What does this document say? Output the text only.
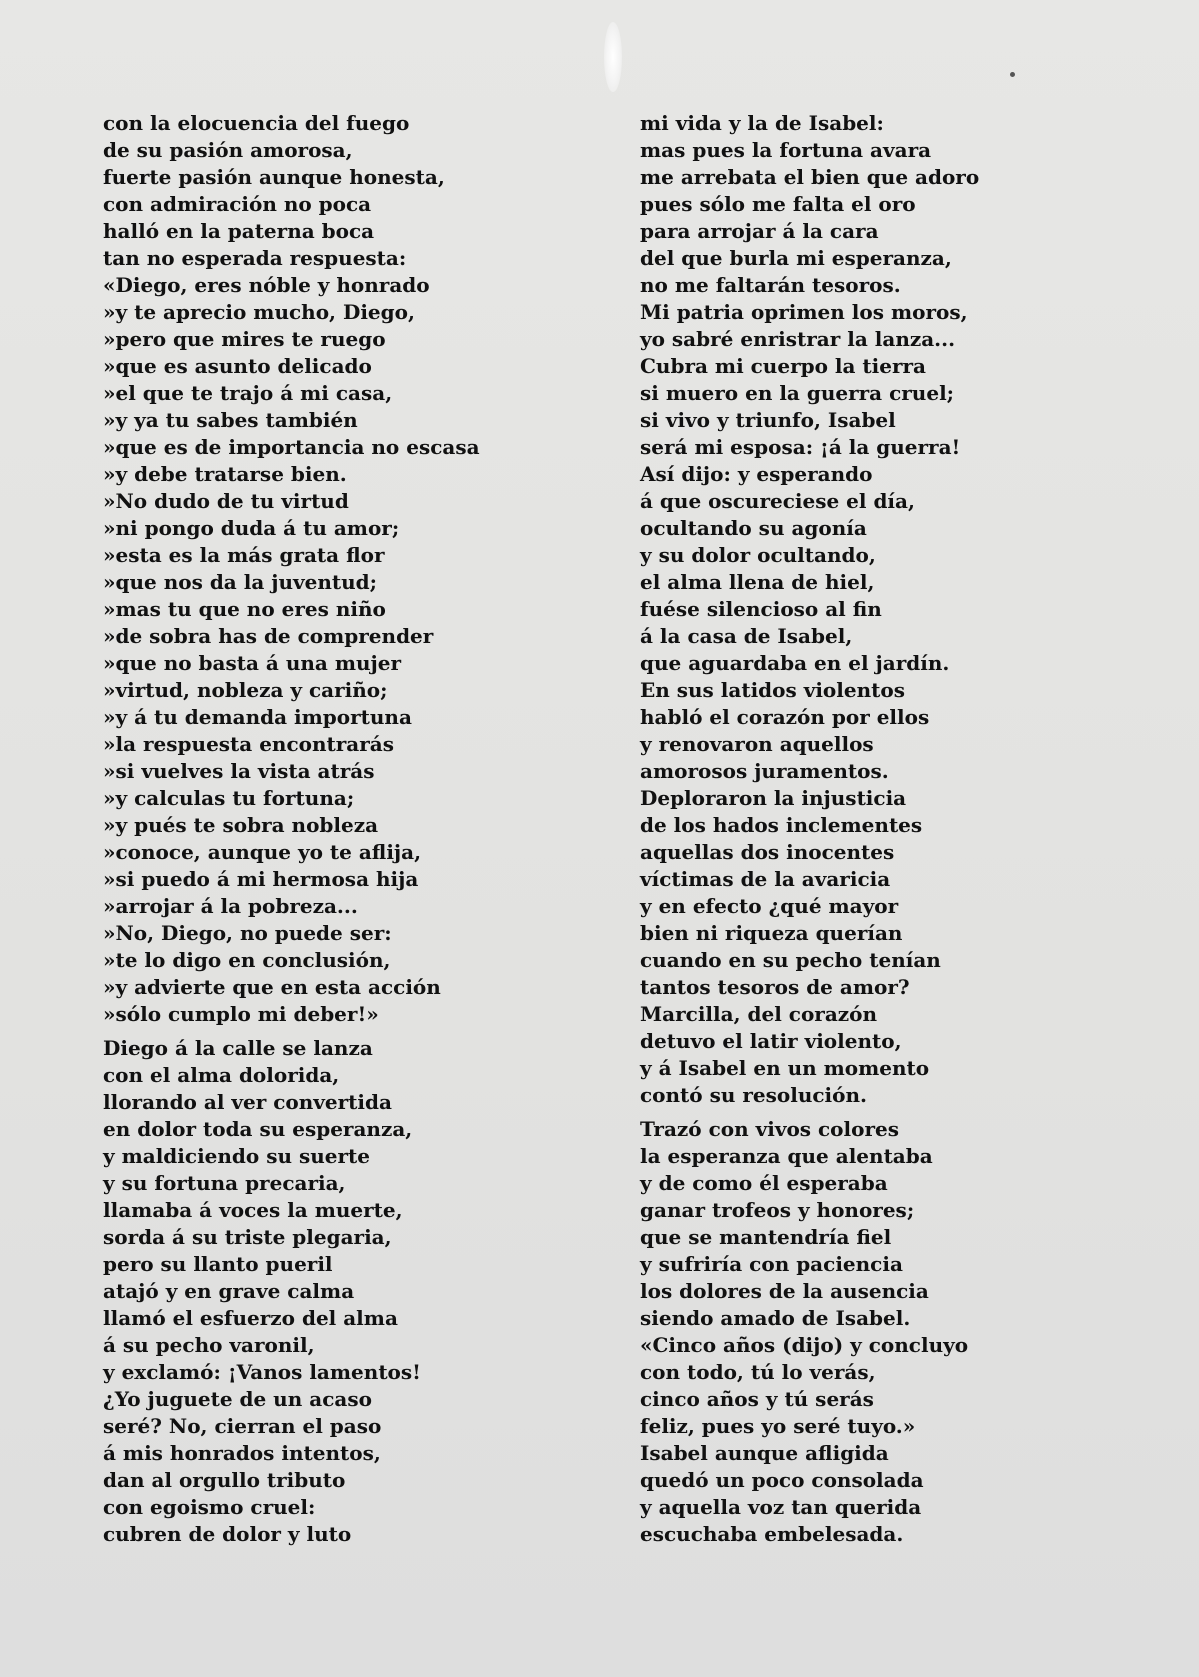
con la elocuencia del fuego
de su pasión amorosa,
fuerte pasión aunque honesta,
con admiración no poca
halló en la paterna boca
tan no esperada respuesta:
«Diego, eres nóble y honrado
»y te aprecio mucho, Diego,
»pero que mires te ruego
»que es asunto delicado
»el que te trajo á mi casa,
»y ya tu sabes también
»que es de importancia no escasa
»y debe tratarse bien.
»No dudo de tu virtud
»ni pongo duda á tu amor;
»esta es la más grata flor
»que nos da la juventud;
»mas tu que no eres niño
»de sobra has de comprender
»que no basta á una mujer
»virtud, nobleza y cariño;
»y á tu demanda importuna
»la respuesta encontrarás
»si vuelves la vista atrás
»y calculas tu fortuna;
»y pués te sobra nobleza
»conoce, aunque yo te aflija,
»si puedo á mi hermosa hija
»arrojar á la pobreza...
»No, Diego, no puede ser:
»te lo digo en conclusión,
»y advierte que en esta acción
»sólo cumplo mi deber!»
Diego á la calle se lanza
con el alma dolorida,
llorando al ver convertida
en dolor toda su esperanza,
y maldiciendo su suerte
y su fortuna precaria,
llamaba á voces la muerte,
sorda á su triste plegaria,
pero su llanto pueril
atajó y en grave calma
llamó el esfuerzo del alma
á su pecho varonil,
y exclamó: ¡Vanos lamentos!
¿Yo juguete de un acaso
seré? No, cierran el paso
á mis honrados intentos,
dan al orgullo tributo
con egoismo cruel:
cubren de dolor y luto
mi vida y la de Isabel:
mas pues la fortuna avara
me arrebata el bien que adoro
pues sólo me falta el oro
para arrojar á la cara
del que burla mi esperanza,
no me faltarán tesoros.
Mi patria oprimen los moros,
yo sabré enristrar la lanza...
Cubra mi cuerpo la tierra
si muero en la guerra cruel;
si vivo y triunfo, Isabel
será mi esposa: ¡á la guerra!
Así dijo: y esperando
á que oscureciese el día,
ocultando su agonía
y su dolor ocultando,
el alma llena de hiel,
fuése silencioso al fin
á la casa de Isabel,
que aguardaba en el jardín.
En sus latidos violentos
habló el corazón por ellos
y renovaron aquellos
amorosos juramentos.
Deploraron la injusticia
de los hados inclementes
aquellas dos inocentes
víctimas de la avaricia
y en efecto ¿qué mayor
bien ni riqueza querían
cuando en su pecho tenían
tantos tesoros de amor?
Marcilla, del corazón
detuvo el latir violento,
y á Isabel en un momento
contó su resolución.
Trazó con vivos colores
la esperanza que alentaba
y de como él esperaba
ganar trofeos y honores;
que se mantendría fiel
y sufriría con paciencia
los dolores de la ausencia
siendo amado de Isabel.
«Cinco años (dijo) y concluyo
con todo, tú lo verás,
cinco años y tú serás
feliz, pues yo seré tuyo.»
Isabel aunque afligida
quedó un poco consolada
y aquella voz tan querida
escuchaba embelesada.
